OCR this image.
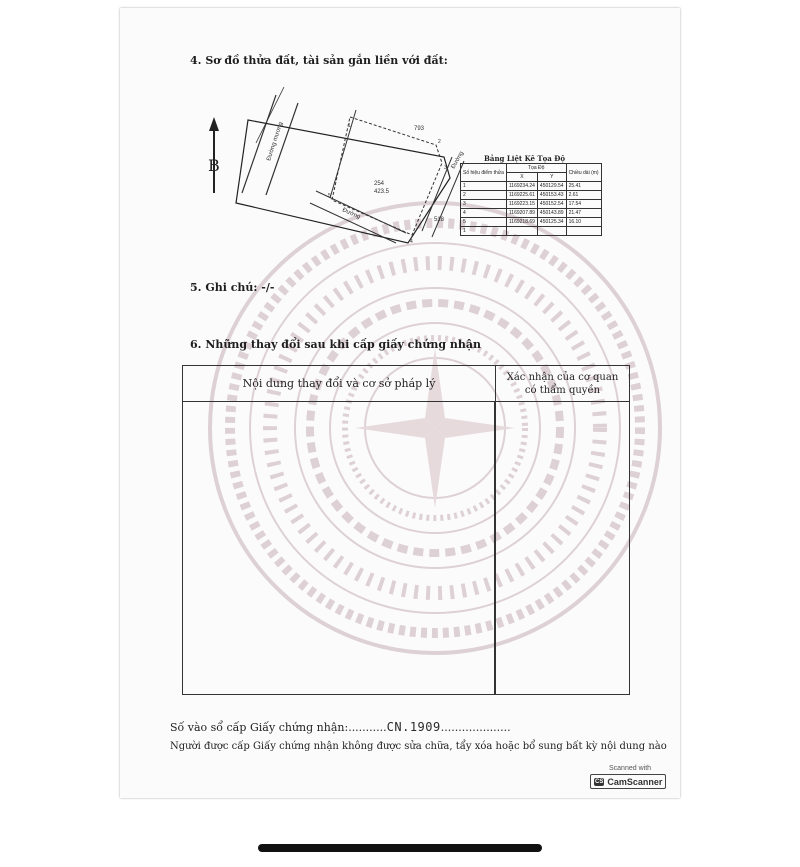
4. Sơ đồ thửa đất, tài sản gắn liền với đất:
B
Đường mương	793
518
254
423.5
Đường
Đường
1
2
3
4
5
Bảng Liệt Kê Tọa Độ
Số hiệu điểm thửa	Tọa Độ		Chiều dài (m)
	X	Y	
1	1169234.24	450129.54	25.41
2	1169225.61	450153.43	2.61
3	1169223.15	450152.54	17.54
4	1169207.89	450143.89	21.47
5	1169218.69	450125.34	16.10
1			
5. Ghi chú: -/-
6. Những thay đổi sau khi cấp giấy chứng nhận
Nội dung thay đổi và cơ sở pháp lý	Xác nhận của cơ quan
có thẩm quyền
Số vào sổ cấp Giấy chứng nhận:...........CN.1909....................
Người được cấp Giấy chứng nhận không được sửa chữa, tẩy xóa hoặc bổ sung bất kỳ nội dung nào
Scanned with
CS CamScanner
